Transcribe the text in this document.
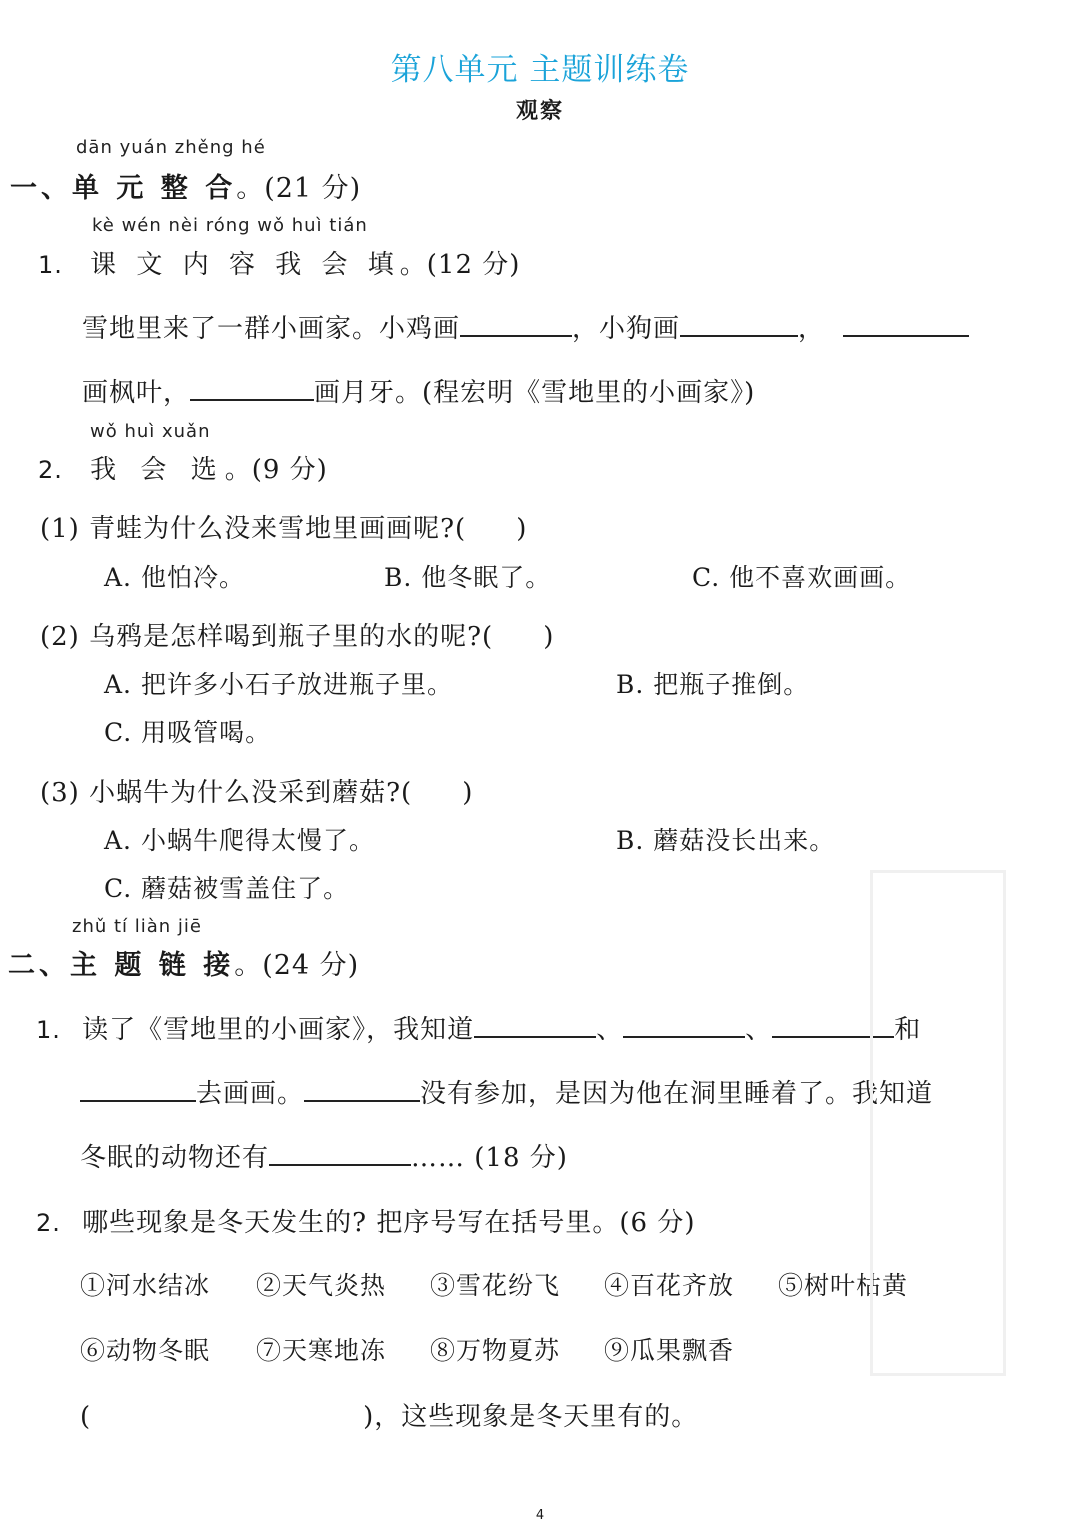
第八单元 主题训练卷
观察
dān yuán zhěng hé
一、单 元 整 合。(21 分)
kè wén nèi róng wǒ huì tián
1. 课 文 内 容 我 会 填。(12 分)
雪地里来了一群小画家。小鸡画	，小狗画	，
画枫叶，	画月牙。(程宏明《雪地里的小画家》)
wǒ huì xuǎn
2. 我 会 选。(9 分)
(1) 青蛙为什么没来雪地里画画呢?( )
A. 他怕冷。	B. 他冬眠了。	C. 他不喜欢画画。
(2) 乌鸦是怎样喝到瓶子里的水的呢?( )
A. 把许多小石子放进瓶子里。	B. 把瓶子推倒。
C. 用吸管喝。
(3) 小蜗牛为什么没采到蘑菇?( )
A. 小蜗牛爬得太慢了。	B. 蘑菇没长出来。
C. 蘑菇被雪盖住了。
zhǔ tí liàn jiē
二、主 题 链 接。(24 分)
1. 读了《雪地里的小画家》，我知道	、	、	和
去画画。	没有参加，是因为他在洞里睡着了。我知道
冬眠的动物还有	…… (18 分)
2. 哪些现象是冬天发生的? 把序号写在括号里。(6 分)
①河水结冰 ②天气炎热 ③雪花纷飞 ④百花齐放 ⑤树叶枯黄
⑥动物冬眠 ⑦天寒地冻 ⑧万物夏苏 ⑨瓜果飘香
(	)，这些现象是冬天里有的。
4
